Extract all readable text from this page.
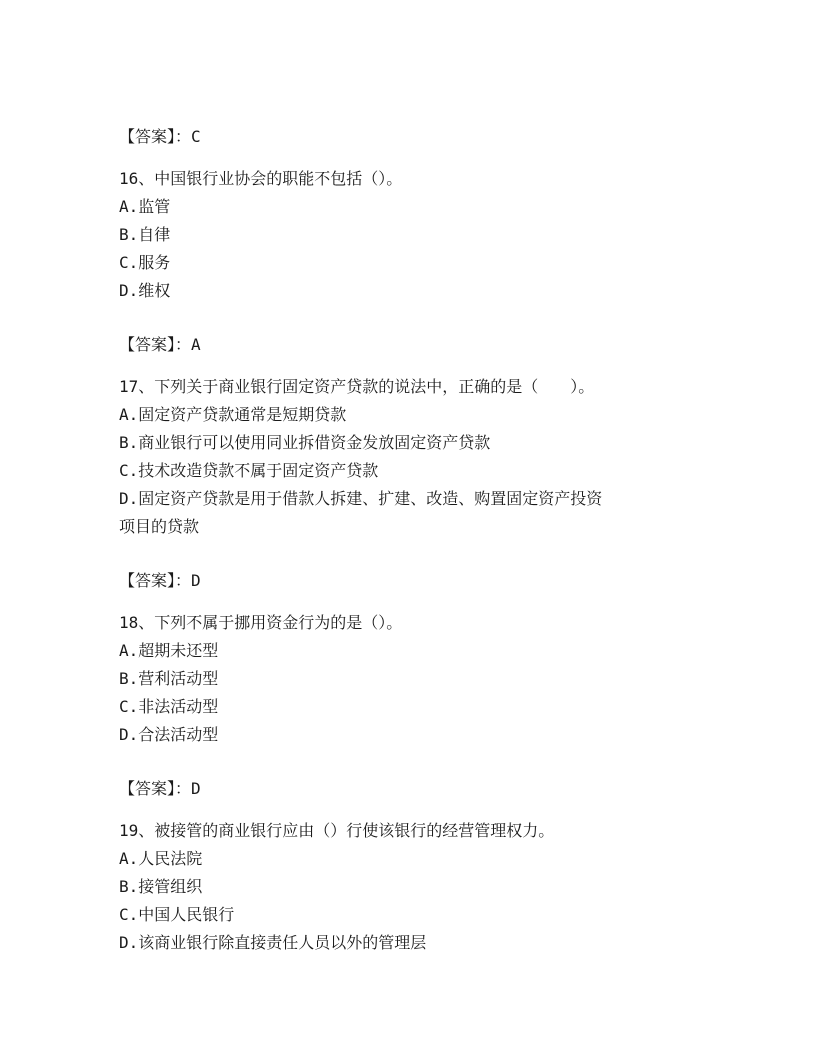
【答案】：C
16、中国银行业协会的职能不包括（）。
A.监管
B.自律
C.服务
D.维权
【答案】：A
17、下列关于商业银行固定资产贷款的说法中，正确的是（　　）。
A.固定资产贷款通常是短期贷款
B.商业银行可以使用同业拆借资金发放固定资产贷款
C.技术改造贷款不属于固定资产贷款
D.固定资产贷款是用于借款人拆建、扩建、改造、购置固定资产投资
项目的贷款
【答案】：D
18、下列不属于挪用资金行为的是（）。
A.超期未还型
B.营利活动型
C.非法活动型
D.合法活动型
【答案】：D
19、被接管的商业银行应由（）行使该银行的经营管理权力。
A.人民法院
B.接管组织
C.中国人民银行
D.该商业银行除直接责任人员以外的管理层
